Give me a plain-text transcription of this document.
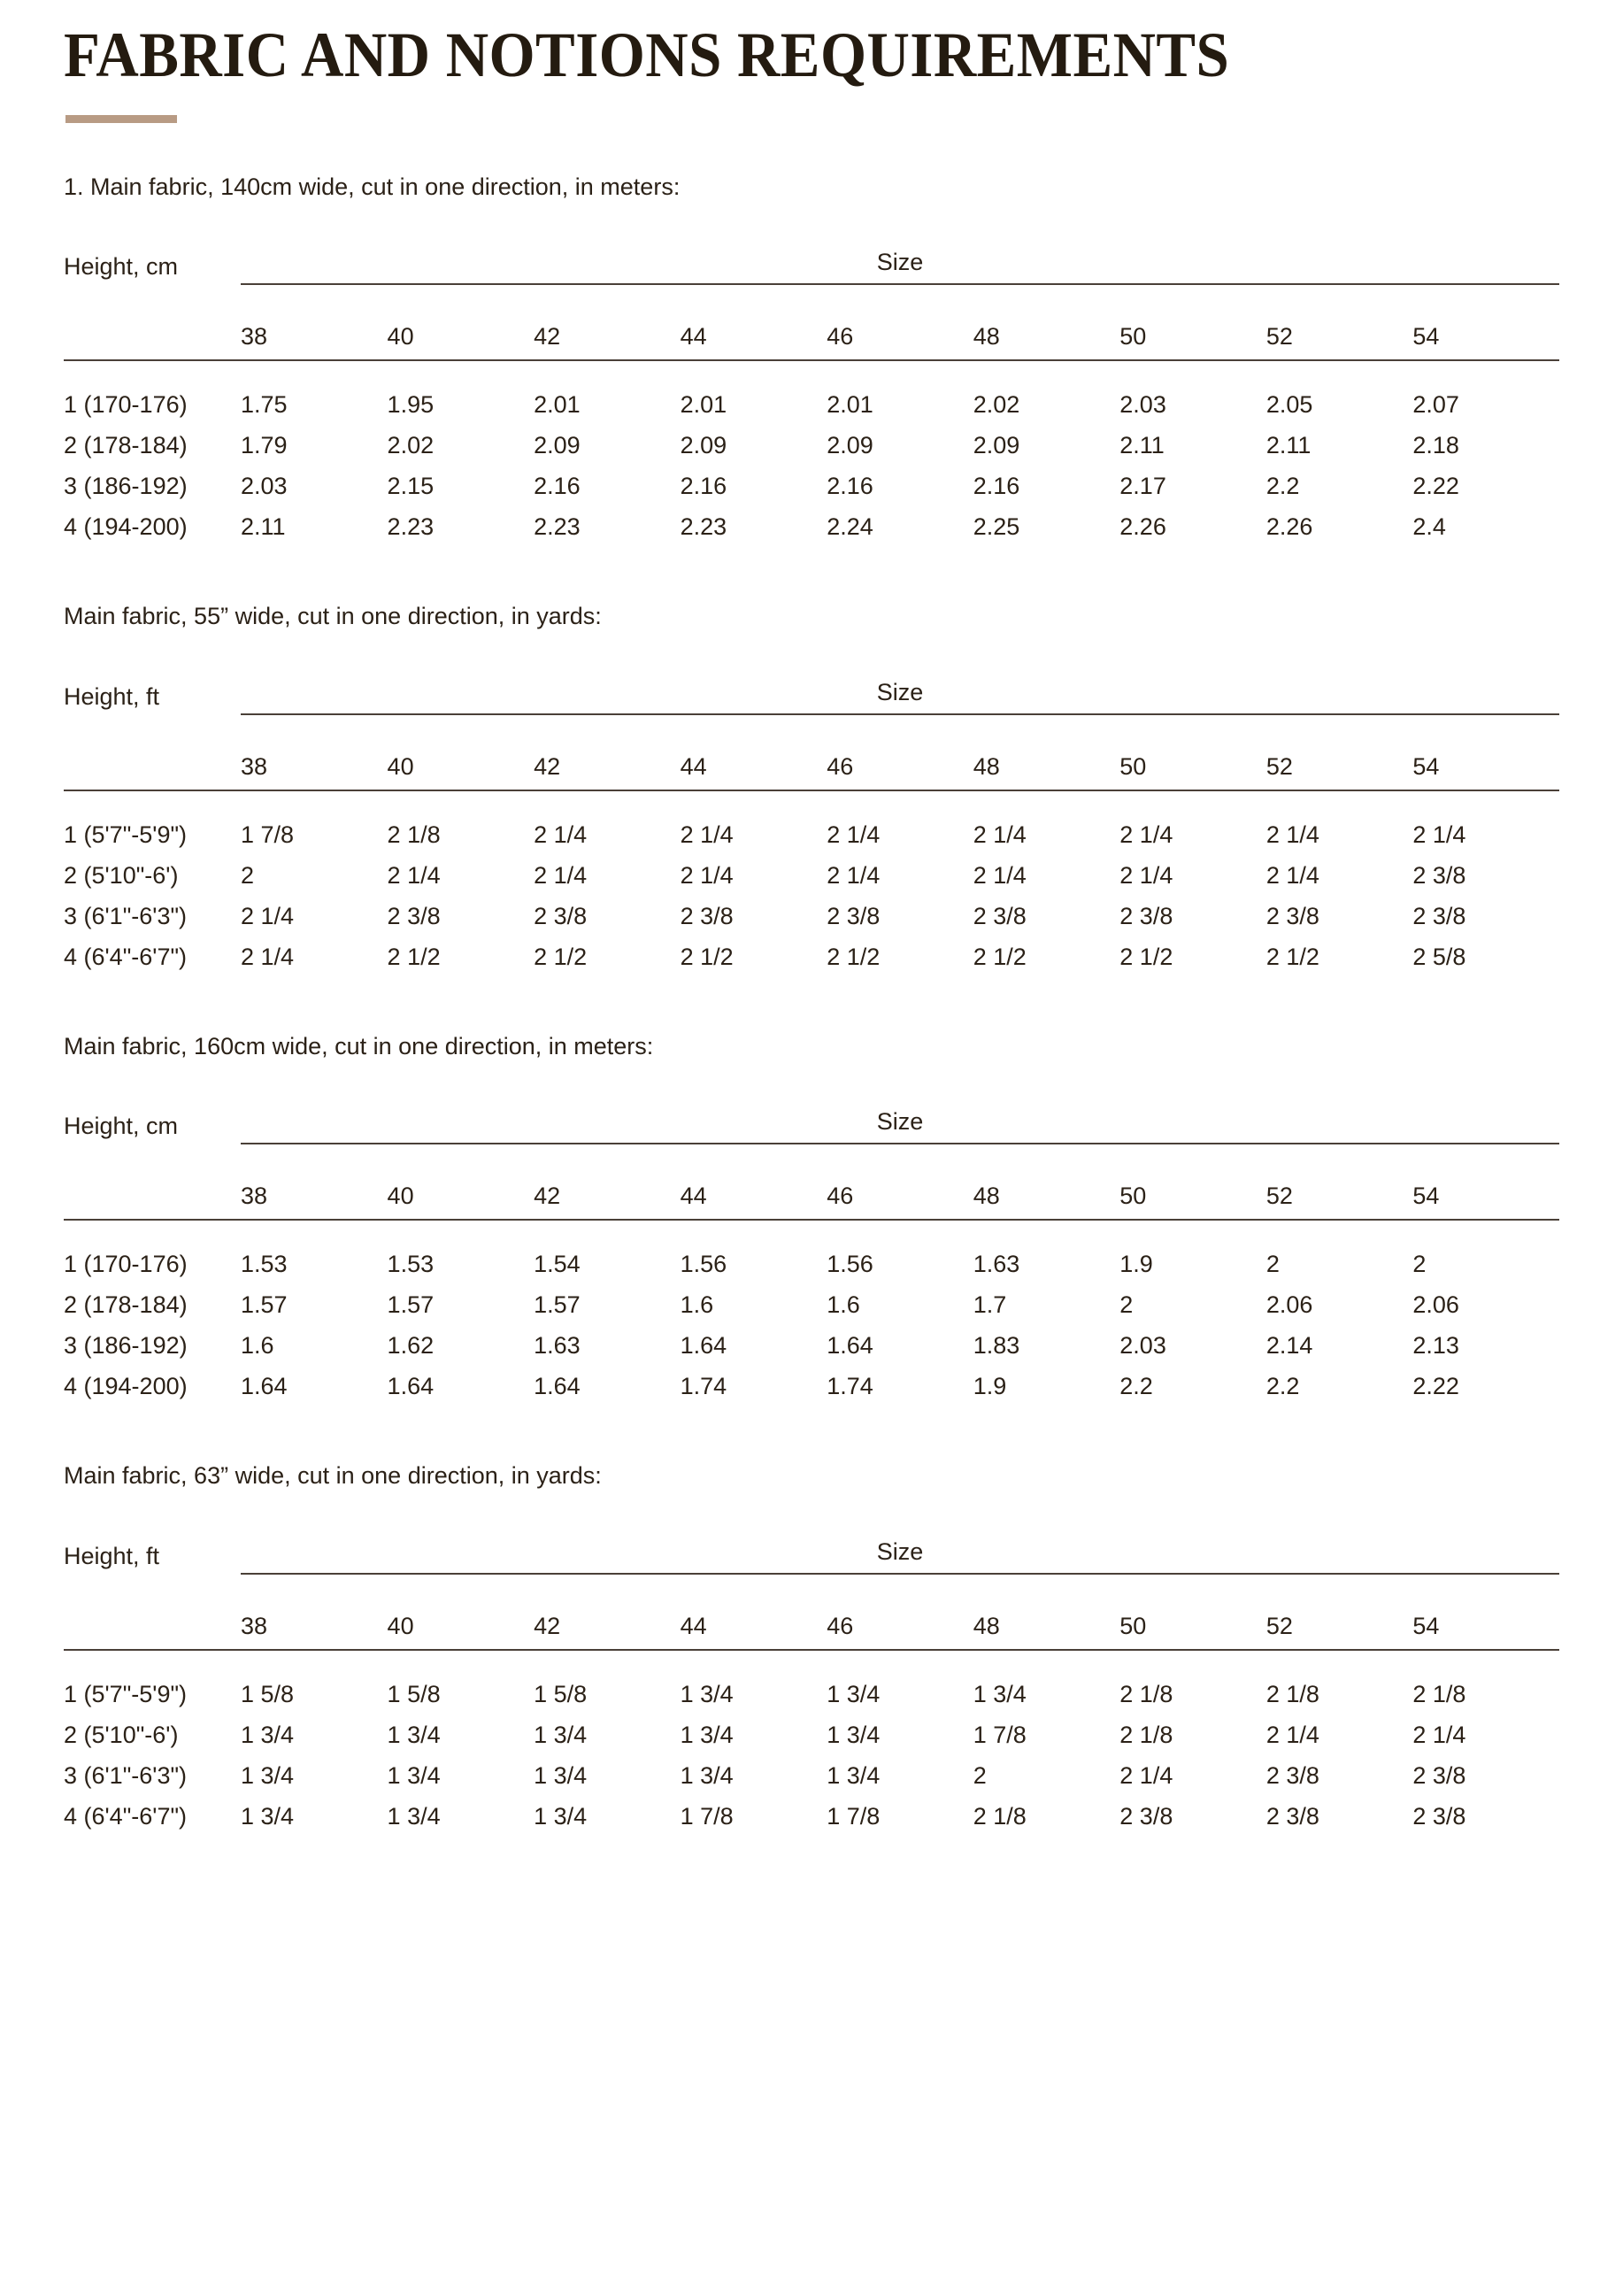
FABRIC AND NOTIONS REQUIREMENTS
1. Main fabric, 140cm wide, cut in one direction, in meters:
Height, cm	Size								

	38	40	42	44	46	48	50	52	54

1 (170-176)	1.75	1.95	2.01	2.01	2.01	2.02	2.03	2.05	2.07
2 (178-184)	1.79	2.02	2.09	2.09	2.09	2.09	2.11	2.11	2.18
3 (186-192)	2.03	2.15	2.16	2.16	2.16	2.16	2.17	2.2	2.22
4 (194-200)	2.11	2.23	2.23	2.23	2.24	2.25	2.26	2.26	2.4
Main fabric, 55” wide, cut in one direction, in yards:
Height, ft	Size								

	38	40	42	44	46	48	50	52	54

1 (5'7"-5'9")	1 7/8	2 1/8	2 1/4	2 1/4	2 1/4	2 1/4	2 1/4	2 1/4	2 1/4
2 (5'10"-6')	2	2 1/4	2 1/4	2 1/4	2 1/4	2 1/4	2 1/4	2 1/4	2 3/8
3 (6'1"-6'3")	2 1/4	2 3/8	2 3/8	2 3/8	2 3/8	2 3/8	2 3/8	2 3/8	2 3/8
4 (6'4"-6'7")	2 1/4	2 1/2	2 1/2	2 1/2	2 1/2	2 1/2	2 1/2	2 1/2	2 5/8
Main fabric, 160cm wide, cut in one direction, in meters:
Height, cm	Size								

	38	40	42	44	46	48	50	52	54

1 (170-176)	1.53	1.53	1.54	1.56	1.56	1.63	1.9	2	2
2 (178-184)	1.57	1.57	1.57	1.6	1.6	1.7	2	2.06	2.06
3 (186-192)	1.6	1.62	1.63	1.64	1.64	1.83	2.03	2.14	2.13
4 (194-200)	1.64	1.64	1.64	1.74	1.74	1.9	2.2	2.2	2.22
Main fabric, 63” wide, cut in one direction, in yards:
Height, ft	Size								

	38	40	42	44	46	48	50	52	54

1 (5'7"-5'9")	1 5/8	1 5/8	1 5/8	1 3/4	1 3/4	1 3/4	2 1/8	2 1/8	2 1/8
2 (5'10"-6')	1 3/4	1 3/4	1 3/4	1 3/4	1 3/4	1 7/8	2 1/8	2 1/4	2 1/4
3 (6'1"-6'3")	1 3/4	1 3/4	1 3/4	1 3/4	1 3/4	2	2 1/4	2 3/8	2 3/8
4 (6'4"-6'7")	1 3/4	1 3/4	1 3/4	1 7/8	1 7/8	2 1/8	2 3/8	2 3/8	2 3/8
